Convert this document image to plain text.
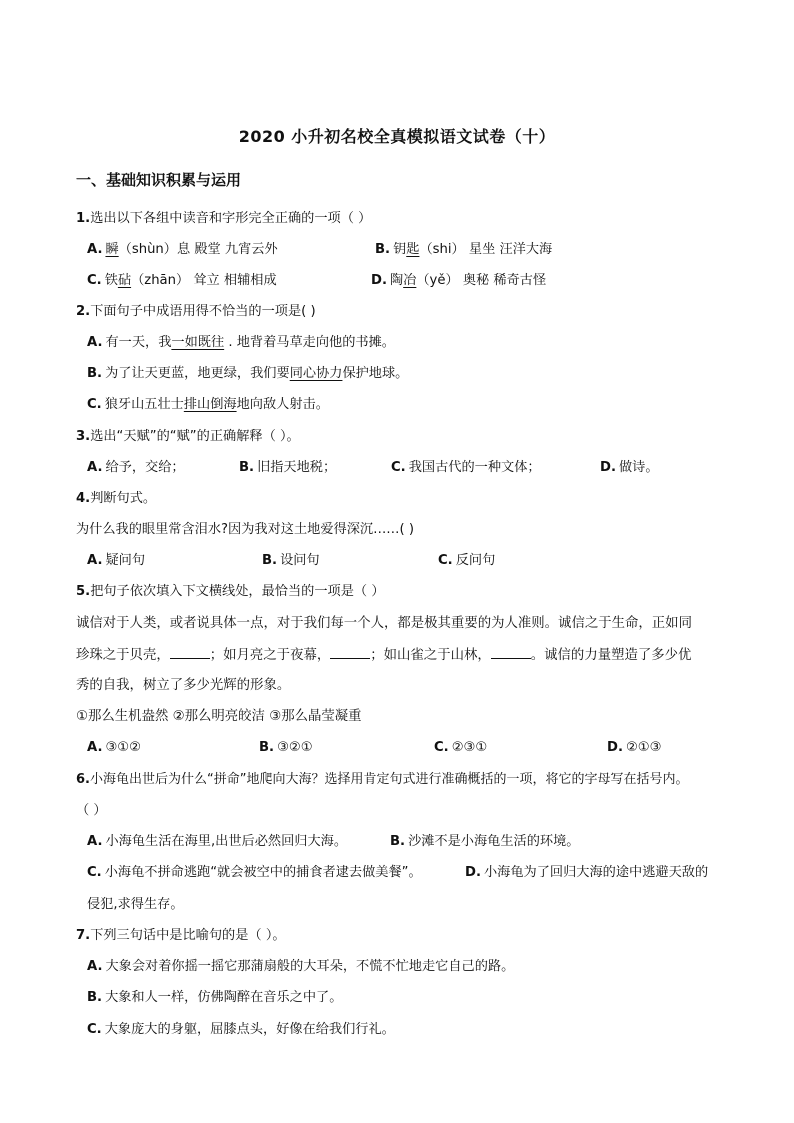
2020 小升初名校全真模拟语文试卷（十）
一、基础知识积累与运用
1.选出以下各组中读音和字形完全正确的一项（ ）
A. 瞬（shùn）息 殿堂 九宵云外	B. 钥匙（shi） 星坐 汪洋大海
C. 铁砧（zhān） 耸立 相辅相成	D. 陶冶（yě） 奥秘 稀奇古怪
2.下面句子中成语用得不恰当的一项是( )
A. 有一天，我一如既往 . 地背着马草走向他的书摊。
B. 为了让天更蓝，地更绿，我们要同心协力保护地球。
C. 狼牙山五壮士排山倒海地向敌人射击。
3.选出“天赋”的“赋”的正确解释（ ）。
A. 给予，交给；	B. 旧指天地税；	C. 我国古代的一种文体；	D. 做诗。
4.判断句式。
为什么我的眼里常含泪水?因为我对这土地爱得深沉……( )
A. 疑问句	B. 设问句	C. 反问句
5.把句子依次填入下文横线处，最恰当的一项是（ ）
诚信对于人类，或者说具体一点，对于我们每一个人，都是极其重要的为人准则。诚信之于生命，正如同
珍珠之于贝壳，	；如月亮之于夜幕，	；如山雀之于山林，	。诚信的力量塑造了多少优
秀的自我，树立了多少光辉的形象。
①那么生机盎然 ②那么明亮皎洁 ③那么晶莹凝重
A. ③①②	B. ③②①	C. ②③①	D. ②①③
6.小海龟出世后为什么“拼命”地爬向大海？选择用肯定句式进行准确概括的一项，将它的字母写在括号内。
（ ）
A. 小海龟生活在海里,出世后必然回归大海。	B. 沙滩不是小海龟生活的环境。
C. 小海龟不拼命逃跑“就会被空中的捕食者逮去做美餐”。	D. 小海龟为了回归大海的途中逃避天敌的
侵犯,求得生存。
7.下列三句话中是比喻句的是（ ）。
A. 大象会对着你摇一摇它那蒲扇般的大耳朵，不慌不忙地走它自己的路。
B. 大象和人一样，仿佛陶醉在音乐之中了。
C. 大象庞大的身躯，屈膝点头，好像在给我们行礼。
